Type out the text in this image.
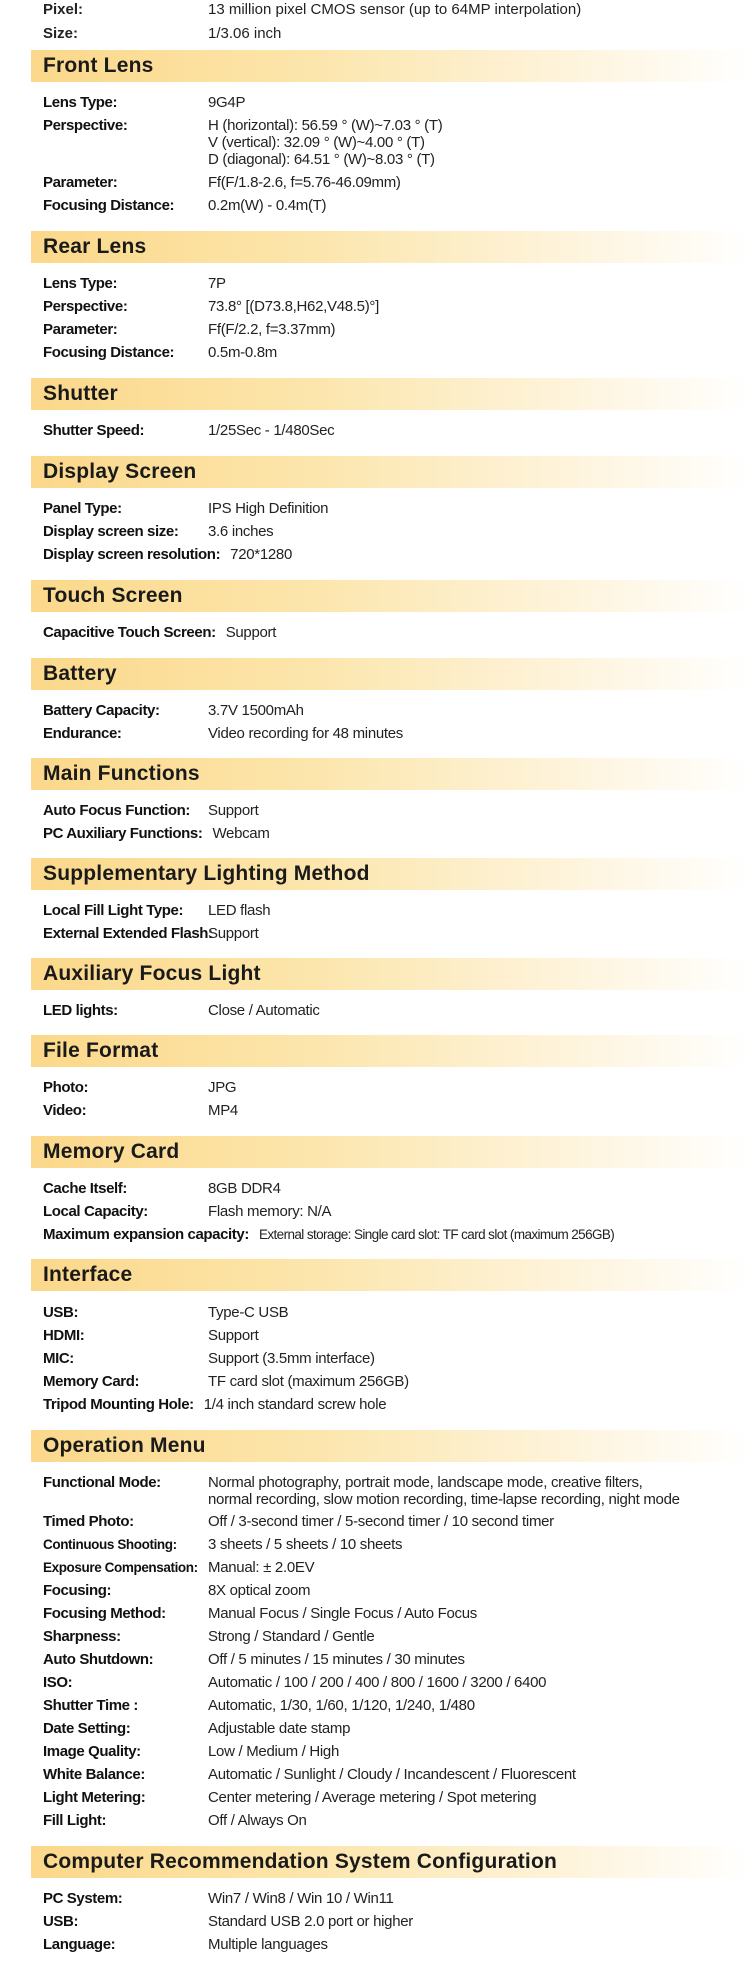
Pixel:	13 million pixel CMOS sensor (up to 64MP interpolation)
Size:	1/3.06 inch
Front Lens
Lens Type:	9G4P
Perspective:	H (horizontal): 56.59 ° (W)~7.03 ° (T)
V (vertical): 32.09 ° (W)~4.00 ° (T)
D (diagonal): 64.51 ° (W)~8.03 ° (T)
Parameter:	Ff(F/1.8-2.6, f=5.76-46.09mm)
Focusing Distance: 0.2m(W) - 0.4m(T)
Rear Lens
Lens Type:	7P
Perspective:	73.8° [(D73.8,H62,V48.5)°]
Parameter:	Ff(F/2.2, f=3.37mm)
Focusing Distance: 0.5m-0.8m
Shutter
Shutter Speed:	1/25Sec - 1/480Sec
Display Screen
Panel Type:	IPS High Definition
Display screen size: 3.6 inches
Display screen resolution: 720*1280
Touch Screen
Capacitive Touch Screen: Support
Battery
Battery Capacity:	3.7V 1500mAh
Endurance:	Video recording for 48 minutes
Main Functions
Auto Focus Function: Support
PC Auxiliary Functions: Webcam
Supplementary Lighting Method
Local Fill Light Type: LED flash
External Extended Flash:
Support
Auxiliary Focus Light
LED lights:	Close / Automatic
File Format
Photo:	JPG
Video:	MP4
Memory Card
Cache Itself:	8GB DDR4
Local Capacity:	Flash memory: N/A
Maximum expansion capacity: External storage: Single card slot: TF card slot (maximum 256GB)
Interface
USB:	Type-C USB
HDMI:	Support
MIC:	Support (3.5mm interface)
Memory Card:	TF card slot (maximum 256GB)
Tripod Mounting Hole: 1/4 inch standard screw hole
Operation Menu
Functional Mode:	Normal photography, portrait mode, landscape mode, creative filters,
normal recording, slow motion recording, time-lapse recording, night mode
Timed Photo:	Off / 3-second timer / 5-second timer / 10 second timer
Continuous Shooting: 3 sheets / 5 sheets / 10 sheets
Exposure Compensation: Manual: ± 2.0EV
Focusing:	8X optical zoom
Focusing Method:	Manual Focus / Single Focus / Auto Focus
Sharpness:	Strong / Standard / Gentle
Auto Shutdown:	Off / 5 minutes / 15 minutes / 30 minutes
ISO:	Automatic / 100 / 200 / 400 / 800 / 1600 / 3200 / 6400
Shutter Time :	Automatic, 1/30, 1/60, 1/120, 1/240, 1/480
Date Setting:	Adjustable date stamp
Image Quality:	Low / Medium / High
White Balance:	Automatic / Sunlight / Cloudy / Incandescent / Fluorescent
Light Metering:	Center metering / Average metering / Spot metering
Fill Light:	Off / Always On
Computer Recommendation System Configuration
PC System:	Win7 / Win8 / Win 10 / Win11
USB:	Standard USB 2.0 port or higher
Language:	Multiple languages
